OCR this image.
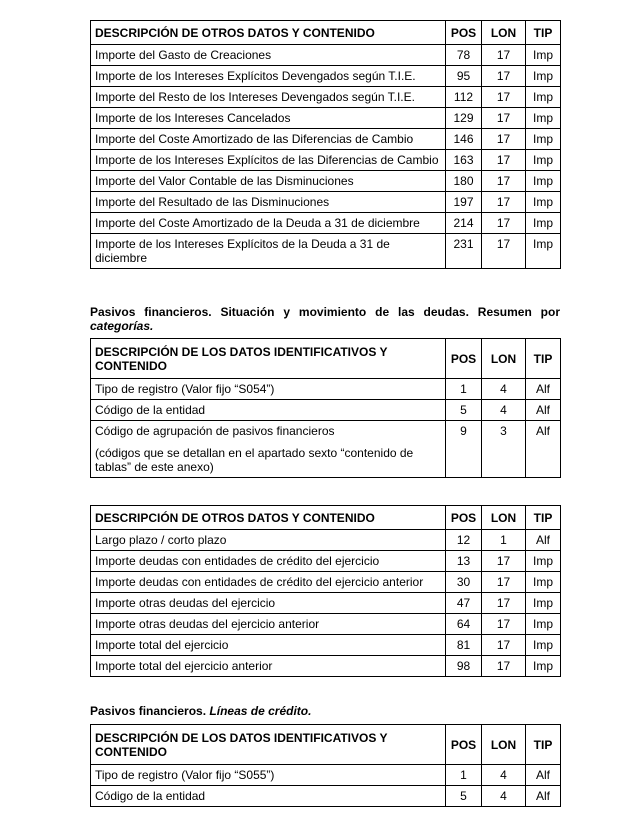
DESCRIPCIÓN DE OTROS DATOS Y CONTENIDO	POS	LON	TIP
Importe del Gasto de Creaciones	78	17	Imp
Importe de los Intereses Explícitos Devengados según T.I.E.	95	17	Imp
Importe del Resto de los Intereses Devengados según T.I.E.	112	17	Imp
Importe de los Intereses Cancelados	129	17	Imp
Importe del Coste Amortizado de las Diferencias de Cambio	146	17	Imp
Importe de los Intereses Explícitos de las Diferencias de Cambio	163	17	Imp
Importe del Valor Contable de las Disminuciones	180	17	Imp
Importe del Resultado de las Disminuciones	197	17	Imp
Importe del Coste Amortizado de la Deuda a 31 de diciembre	214	17	Imp
Importe de los Intereses Explícitos de la Deuda a 31 de diciembre	231	17	Imp
Pasivos financieros. Situación y movimiento de las deudas. Resumen por categorías.
DESCRIPCIÓN DE LOS DATOS IDENTIFICATIVOS Y CONTENIDO	POS	LON	TIP
Tipo de registro (Valor fijo “S054”)	1	4	Alf
Código de la entidad	5	4	Alf
Código de agrupación de pasivos financieros
(códigos que se detallan en el apartado sexto “contenido de tablas” de este anexo)	9	3	Alf
DESCRIPCIÓN DE OTROS DATOS Y CONTENIDO	POS	LON	TIP
Largo plazo / corto plazo	12	1	Alf
Importe deudas con entidades de crédito del ejercicio	13	17	Imp
Importe deudas con entidades de crédito del ejercicio anterior	30	17	Imp
Importe otras deudas del ejercicio	47	17	Imp
Importe otras deudas del ejercicio anterior	64	17	Imp
Importe total del ejercicio	81	17	Imp
Importe total del ejercicio anterior	98	17	Imp
Pasivos financieros. Líneas de crédito.
DESCRIPCIÓN DE LOS DATOS IDENTIFICATIVOS Y CONTENIDO	POS	LON	TIP
Tipo de registro (Valor fijo “S055”)	1	4	Alf
Código de la entidad	5	4	Alf
